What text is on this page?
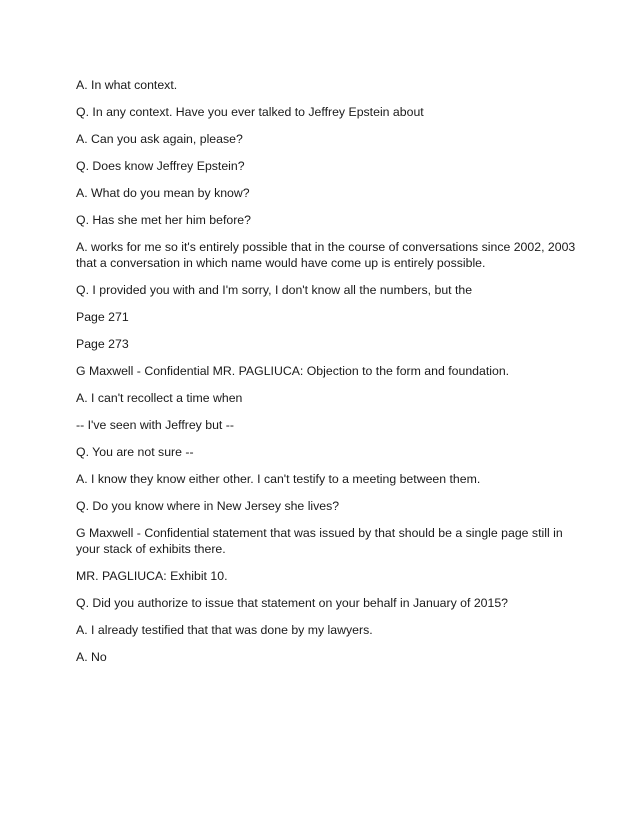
A. In what context.

Q. In any context. Have you ever talked to Jeffrey Epstein about

A. Can you ask again, please?

Q. Does know Jeffrey Epstein?

A. What do you mean by know?

Q. Has she met her him before?

A. works for me so it's entirely possible that in the course of conversations since 2002, 2003 that a conversation in which name would have come up is entirely possible.

Q. I provided you with and I'm sorry, I don't know all the numbers, but the

Page 271

Page 273

G Maxwell - Confidential MR. PAGLIUCA: Objection to the form and foundation.

A. I can't recollect a time when

-- I've seen with Jeffrey but --

Q. You are not sure --

A. I know they know either other. I can't testify to a meeting between them.

Q. Do you know where in New Jersey she lives?

G Maxwell - Confidential statement that was issued by that should be a single page still in your stack of exhibits there.

MR. PAGLIUCA: Exhibit 10.

Q. Did you authorize to issue that statement on your behalf in January of 2015?

A. I already testified that that was done by my lawyers.

A. No
